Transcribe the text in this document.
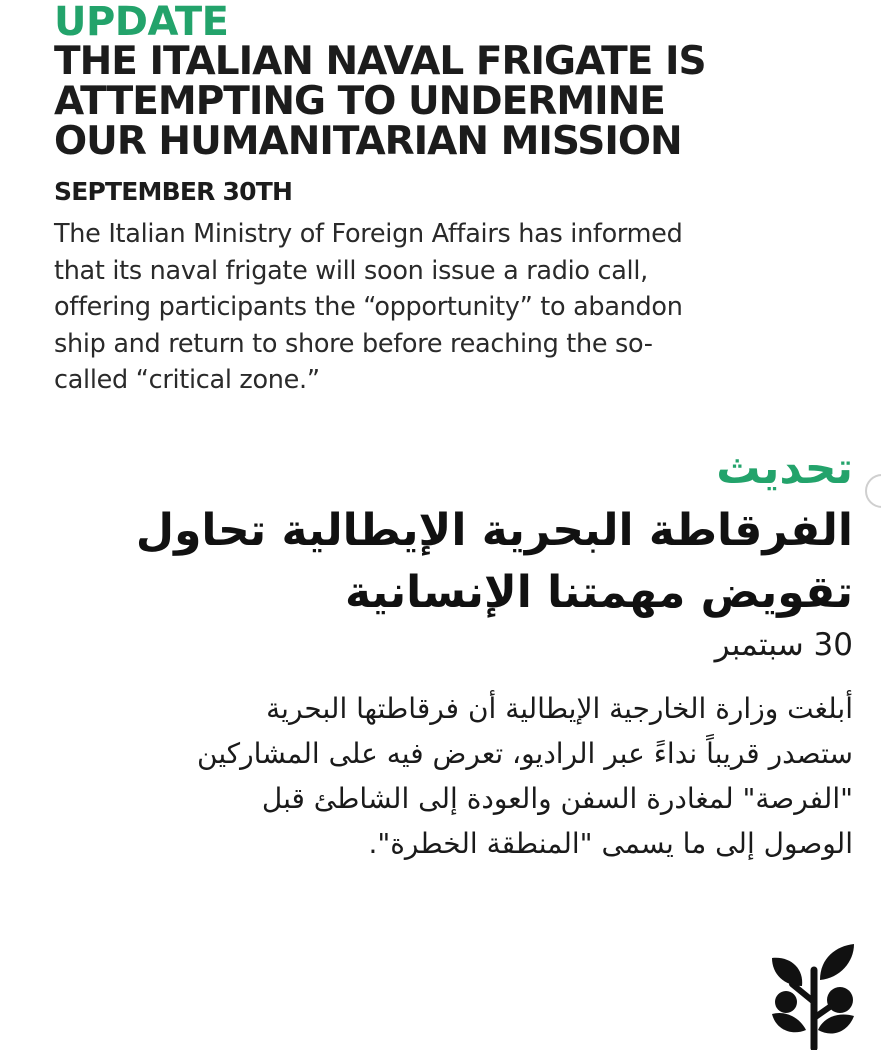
UPDATE

THE ITALIAN NAVAL FRIGATE IS

ATTEMPTING TO UNDERMINE

OUR HUMANITARIAN MISSION

SEPTEMBER 30TH

The Italian Ministry of Foreign Affairs has informed
that its naval frigate will soon issue a radio call,
offering participants the “opportunity” to abandon
ship and return to shore before reaching the so-
called “critical zone.”

تحديث

الفرقاطة البحرية الإيطالية تحاول

تقويض مهمتنا الإنسانية

30 سبتمبر

أبلغت وزارة الخارجية الإيطالية أن فرقاطتها البحرية
ستصدر قريباً نداءً عبر الراديو، تعرض فيه على المشاركين
"الفرصة" لمغادرة السفن والعودة إلى الشاطئ قبل
الوصول إلى ما يسمى "المنطقة الخطرة".
